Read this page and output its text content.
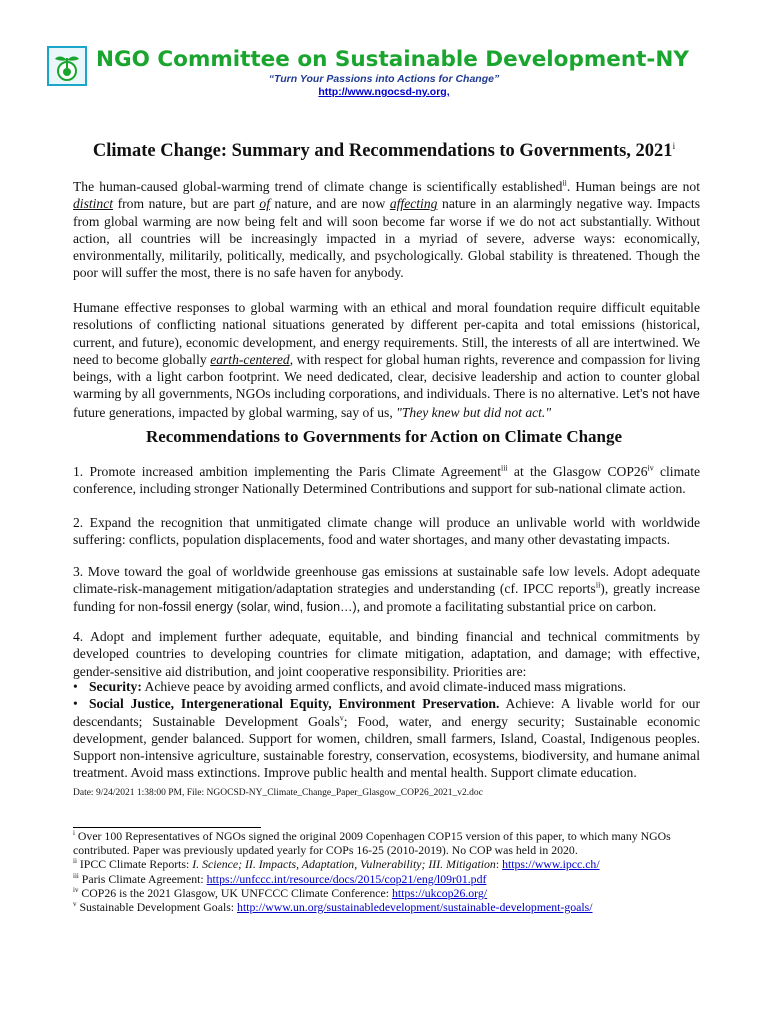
NGO Committee on Sustainable Development-NY

“Turn Your Passions into Actions for Change”

http://www.ngocsd-ny.org,
Climate Change: Summary and Recommendations to Governments, 2021$^i$

The human-caused global-warming trend of climate change is scientifically established$^{ii}$. Human beings are not distinct from nature, but are part of nature, and are now affecting nature in an alarmingly negative way. Impacts from global warming are now being felt and will soon become far worse if we do not act substantially. Without action, all countries will be increasingly impacted in a myriad of severe, adverse ways: economically, environmentally, militarily, politically, medically, and psychologically. Global stability is threatened. Though the poor will suffer the most, there is no safe haven for anybody.

Humane effective responses to global warming with an ethical and moral foundation require difficult equitable resolutions of conflicting national situations generated by different per-capita and total emissions (historical, current, and future), economic development, and energy requirements. Still, the interests of all are intertwined. We need to become globally earth-centered, with respect for global human rights, reverence and compassion for living beings, with a light carbon footprint. We need dedicated, clear, decisive leadership and action to counter global warming by all governments, NGOs including corporations, and individuals. There is no alternative. Let’s not have future generations, impacted by global warming, say of us, "They knew but did not act."

Recommendations to Governments for Action on Climate Change

1. Promote increased ambition implementing the Paris Climate Agreement$^{iii}$ at the Glasgow COP26$^{iv}$ climate conference, including stronger Nationally Determined Contributions and support for sub-national climate action.

2. Expand the recognition that unmitigated climate change will produce an unlivable world with worldwide suffering: conflicts, population displacements, food and water shortages, and many other devastating impacts.

3. Move toward the goal of worldwide greenhouse gas emissions at sustainable safe low levels. Adopt adequate climate-risk-management mitigation/adaptation strategies and understanding (cf. IPCC reports$^{ii}$), greatly increase funding for non-fossil energy (solar, wind, fusion…), and promote a facilitating substantial price on carbon.

4. Adopt and implement further adequate, equitable, and binding financial and technical commitments by developed countries to developing countries for climate mitigation, adaptation, and damage; with effective, gender-sensitive aid distribution, and joint cooperative responsibility. Priorities are:

• Security: Achieve peace by avoiding armed conflicts, and avoid climate-induced mass migrations.
• Social Justice, Intergenerational Equity, Environment Preservation. Achieve: A livable world for our descendants; Sustainable Development Goals$^v$; Food, water, and energy security; Sustainable economic development, gender balanced. Support for women, children, small farmers, Island, Coastal, Indigenous peoples. Support non-intensive agriculture, sustainable forestry, conservation, ecosystems, biodiversity, and humane animal treatment. Avoid mass extinctions. Improve public health and mental health. Support climate education.

Date: 9/24/2021 1:38:00 PM, File: NGOCSD-NY_Climate_Change_Paper_Glasgow_COP26_2021_v2.doc

$^i$ Over 100 Representatives of NGOs signed the original 2009 Copenhagen COP15 version of this paper, to which many NGOs contributed. Paper was previously updated yearly for COPs 16-25 (2010-2019). No COP was held in 2020.
$^{ii}$ IPCC Climate Reports: I. Science; II. Impacts, Adaptation, Vulnerability; III. Mitigation: https://www.ipcc.ch/
$^{iii}$ Paris Climate Agreement: https://unfccc.int/resource/docs/2015/cop21/eng/l09r01.pdf
$^{iv}$ COP26 is the 2021 Glasgow, UK UNFCCC Climate Conference: https://ukcop26.org/
$^v$ Sustainable Development Goals: http://www.un.org/sustainabledevelopment/sustainable-development-goals/
